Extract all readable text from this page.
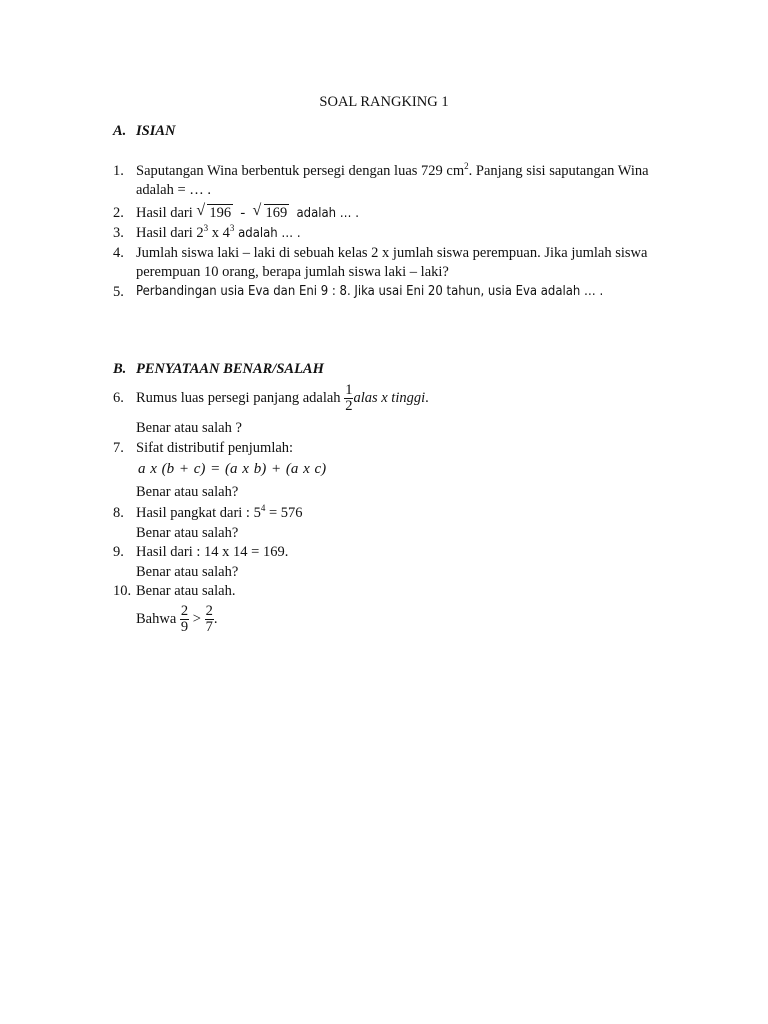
SOAL RANGKING 1
A. ISIAN
1. Saputangan Wina berbentuk persegi dengan luas 729 $cm^2$. Panjang sisi saputangan Wina
adalah = … .
2. Hasil dari √ 196 - √ 169 adalah … .
3. Hasil dari $2^3$ x $4^3$ adalah … .
4. Jumlah siswa laki – laki di sebuah kelas 2 x jumlah siswa perempuan. Jika jumlah siswa
perempuan 10 orang, berapa jumlah siswa laki – laki?
5. Perbandingan usia Eva dan Eni 9 : 8. Jika usai Eni 20 tahun, usia Eva adalah … .
B. PENYATAAN BENAR/SALAH
6. Rumus luas persegi panjang adalah $\frac{1}{2}$ alas x tinggi.
Benar atau salah ?
7. Sifat distributif penjumlah:
a x (b + c) = (a x b) + (a x c)
Benar atau salah?
8. Hasil pangkat dari : $5^4 = 576$
Benar atau salah?
9. Hasil dari : 14 x 14 = 169.
Benar atau salah?
10. Benar atau salah.
Bahwa $\frac{2}{9} > \frac{2}{7}$ .
